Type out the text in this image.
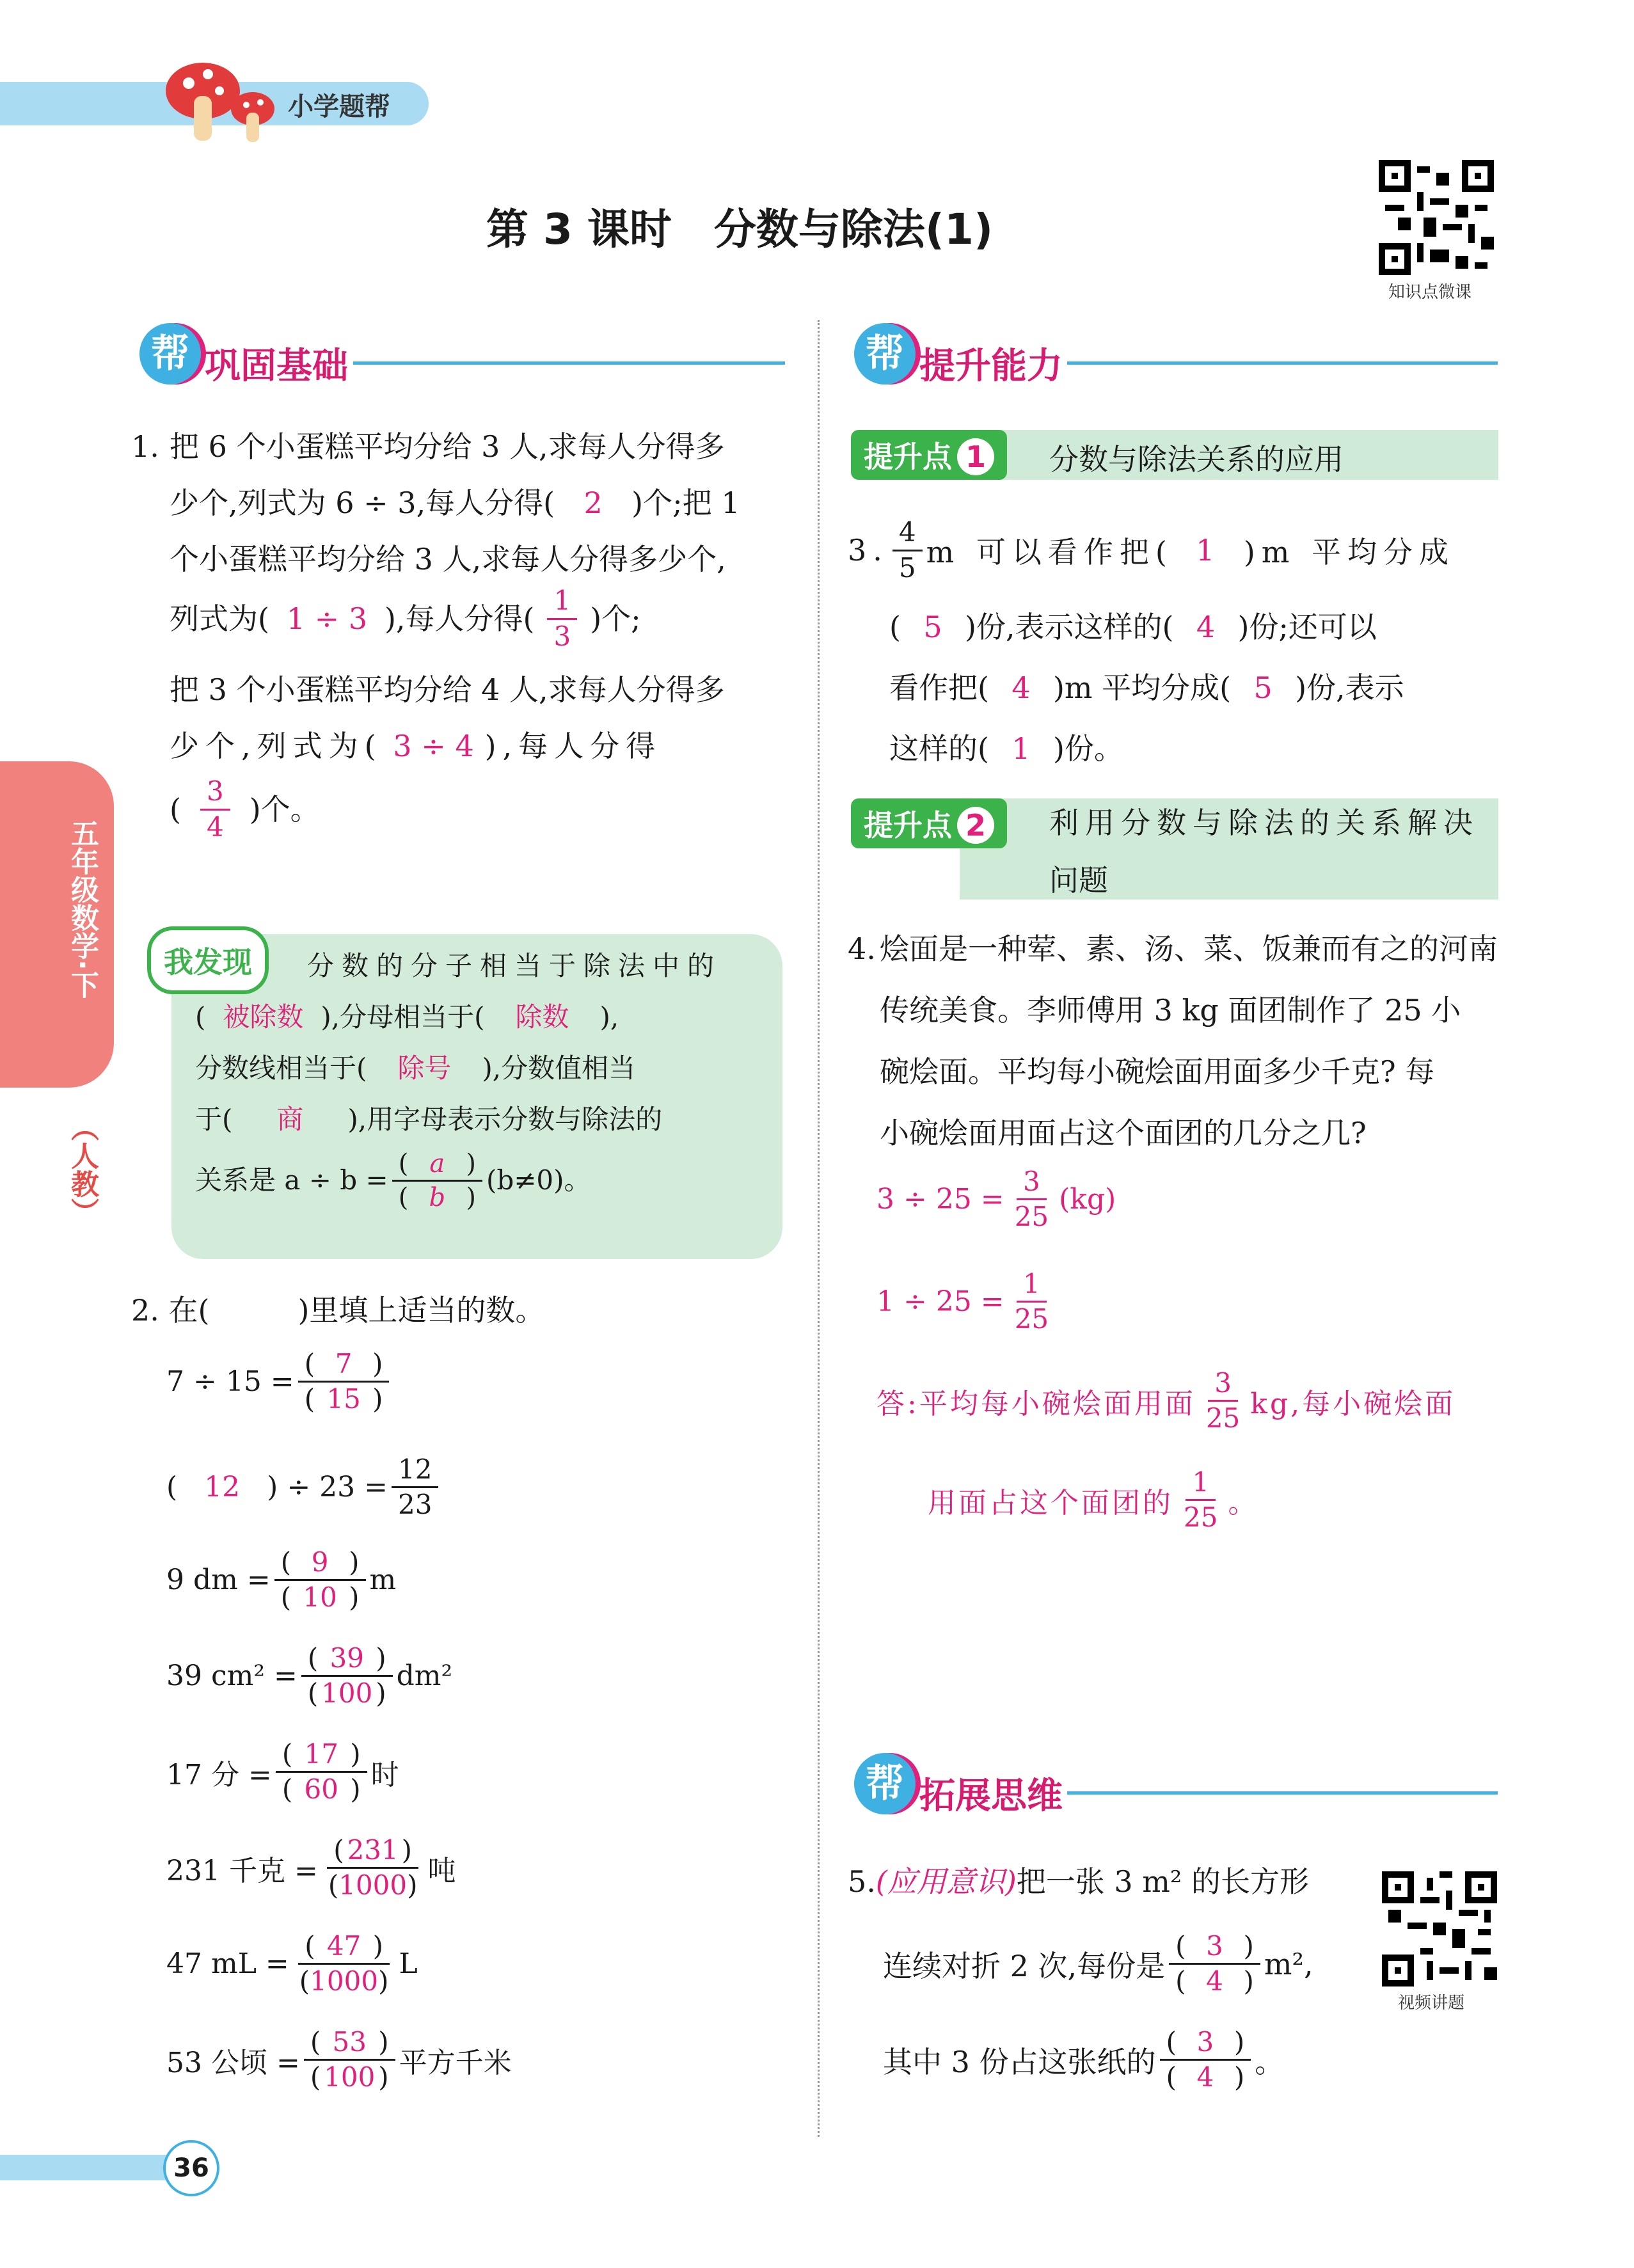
小学题帮
第 3 课时　分数与除法(1)
知识点微课
五年级数学·下
（人教）
帮 巩固基础	帮 提升能力
1. 把 6 个小蛋糕平均分给 3 人,求每人分得多
少个,列式为 6 ÷ 3,每人分得( 2 )个;把 1
个小蛋糕平均分给 3 人,求每人分得多少个,
列式为( 1 ÷ 3 ),每人分得( $\frac{1}{3}$ )个;
把 3 个小蛋糕平均分给 4 人,求每人分得多
少个,列式为( 3 ÷ 4 ),每人分得
( $\frac{3}{4}$ )个。
我发现	分数的分子相当于除法中的
( 被除数 ),分母相当于( 除数 ),
分数线相当于( 除号 ),分数值相当
于( 商 ),用字母表示分数与除法的
关系是 $a \div b = \frac{( a )}{( b )} (b\ne 0)$。
2. 在(　　　)里填上适当的数。
$7 \div 15 = \frac{( 7 )}{( 15 )}$
( 12 ) ÷ $23 = \frac{12}{23}$
9 dm = $\frac{( 9 )}{( 10 )}$ m
39 $cm^2 = \frac{( 39 )}{( 100 )} dm^2$
17 分 = $\frac{( 17 )}{( 60 )}$ 时
231 千克 = $\frac{( 231 )}{(1000)}$ 吨
47 mL = $\frac{( 47 )}{(1000)}$ L
53 公顷 = $\frac{( 53 )}{( 100 )}$ 平方千米
提升点 1	分数与除法关系的应用
3. $\frac{4}{5}$ m 可以看作把( 1 )m 平均分成
( 5 )份,表示这样的( 4 )份;还可以
看作把( 4 )m 平均分成( 5 )份,表示
这样的( 1 )份。
提升点 2	利用分数与除法的关系解决
问题
4. 烩面是一种荤、素、汤、菜、饭兼而有之的河南
传统美食。李师傅用 3 kg 面团制作了 25 小
碗烩面。平均每小碗烩面用面多少千克? 每
小碗烩面用面占这个面团的几分之几?
$3 \div 25 = \frac{3}{25} (kg)$
$1 \div 25 = \frac{1}{25}$
答:平均每小碗烩面用面 $\frac{3}{25}$ kg,每小碗烩面
用面占这个面团的 $\frac{1}{25}$ 。
帮 拓展思维
5.(应用意识)把一张 3 m² 的长方形
连续对折 2 次,每份是 $\frac{( 3 )}{( 4 )} m^2$,
其中 3 份占这张纸的 $\frac{( 3 )}{( 4 )}$ 。
视频讲题
36
